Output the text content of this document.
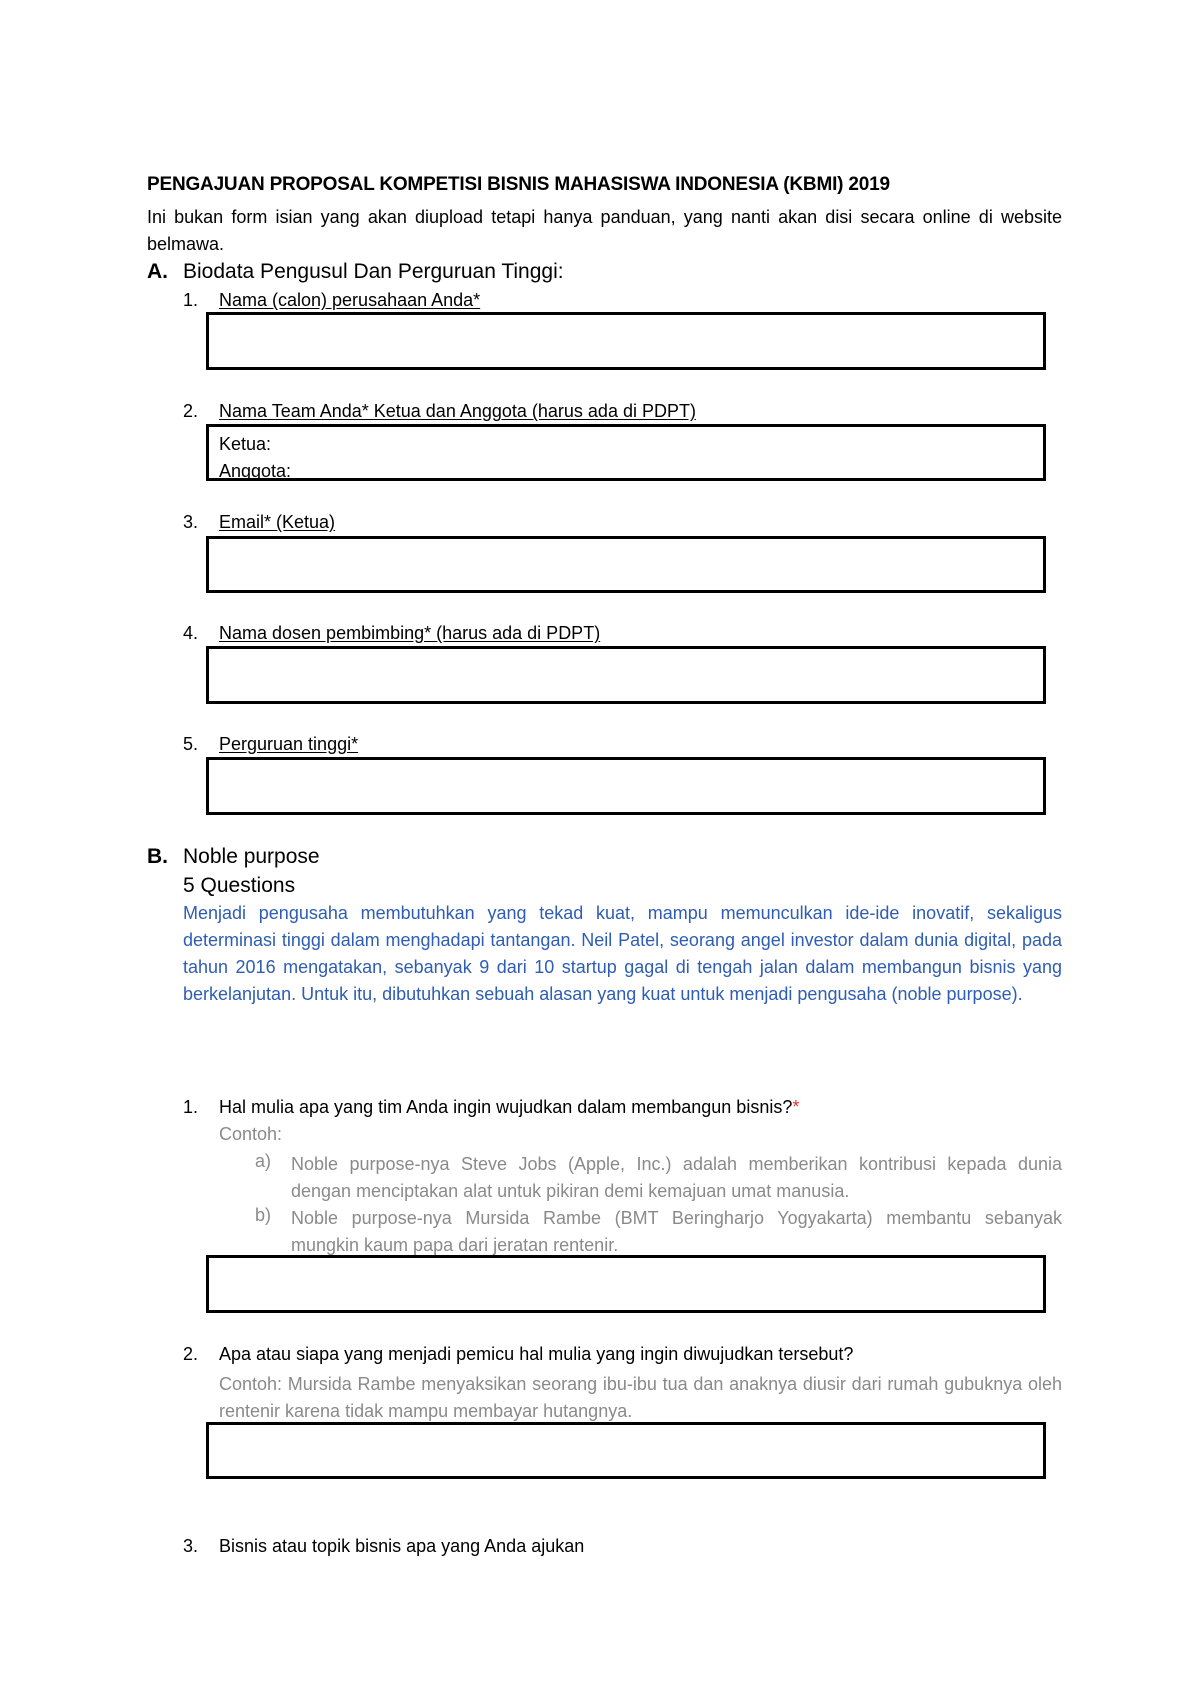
PENGAJUAN PROPOSAL KOMPETISI BISNIS MAHASISWA INDONESIA (KBMI) 2019
Ini bukan form isian yang akan diupload tetapi hanya panduan, yang nanti akan disi secara online di website belmawa.
A. Biodata Pengusul Dan Perguruan Tinggi:
1. Nama (calon) perusahaan Anda*
2. Nama Team Anda* Ketua dan Anggota (harus ada di PDPT)
Ketua:
Anggota:
3. Email* (Ketua)
4. Nama dosen pembimbing* (harus ada di PDPT)
5. Perguruan tinggi*
B. Noble purpose
5 Questions
Menjadi pengusaha membutuhkan yang tekad kuat, mampu memunculkan ide-ide inovatif, sekaligus determinasi tinggi dalam menghadapi tantangan. Neil Patel, seorang angel investor dalam dunia digital, pada tahun 2016 mengatakan, sebanyak 9 dari 10 startup gagal di tengah jalan dalam membangun bisnis yang berkelanjutan. Untuk itu, dibutuhkan sebuah alasan yang kuat untuk menjadi pengusaha (noble purpose).
1. Hal mulia apa yang tim Anda ingin wujudkan dalam membangun bisnis?*
Contoh:
a) Noble purpose-nya Steve Jobs (Apple, Inc.) adalah memberikan kontribusi kepada dunia dengan menciptakan alat untuk pikiran demi kemajuan umat manusia.
b) Noble purpose-nya Mursida Rambe (BMT Beringharjo Yogyakarta) membantu sebanyak mungkin kaum papa dari jeratan rentenir.
2. Apa atau siapa yang menjadi pemicu hal mulia yang ingin diwujudkan tersebut?
Contoh: Mursida Rambe menyaksikan seorang ibu-ibu tua dan anaknya diusir dari rumah gubuknya oleh rentenir karena tidak mampu membayar hutangnya.
3. Bisnis atau topik bisnis apa yang Anda ajukan
